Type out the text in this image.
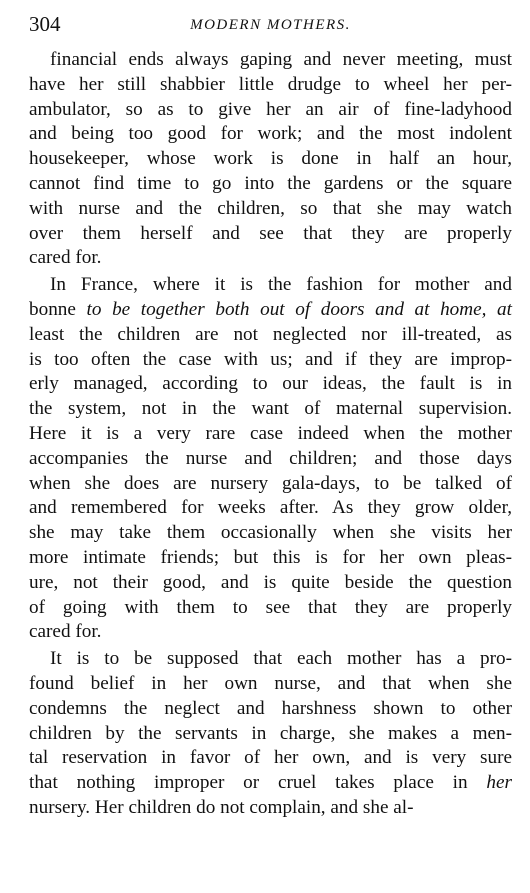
304	MODERN MOTHERS.

financial ends always gaping and never meeting, must
have her still shabbier little drudge to wheel her per-
ambulator, so as to give her an air of fine-ladyhood
and being too good for work; and the most indolent
housekeeper, whose work is done in half an hour,
cannot find time to go into the gardens or the square
with nurse and the children, so that she may watch
over them herself and see that they are properly
cared for.

In France, where it is the fashion for mother and
bonne to be together both out of doors and at home, at
least the children are not neglected nor ill-treated, as
is too often the case with us; and if they are improp-
erly managed, according to our ideas, the fault is in
the system, not in the want of maternal supervision.
Here it is a very rare case indeed when the mother
accompanies the nurse and children; and those days
when she does are nursery gala-days, to be talked of
and remembered for weeks after. As they grow older,
she may take them occasionally when she visits her
more intimate friends; but this is for her own pleas-
ure, not their good, and is quite beside the question
of going with them to see that they are properly
cared for.

It is to be supposed that each mother has a pro-
found belief in her own nurse, and that when she
condemns the neglect and harshness shown to other
children by the servants in charge, she makes a men-
tal reservation in favor of her own, and is very sure
that nothing improper or cruel takes place in her
nursery. Her children do not complain, and she al-
